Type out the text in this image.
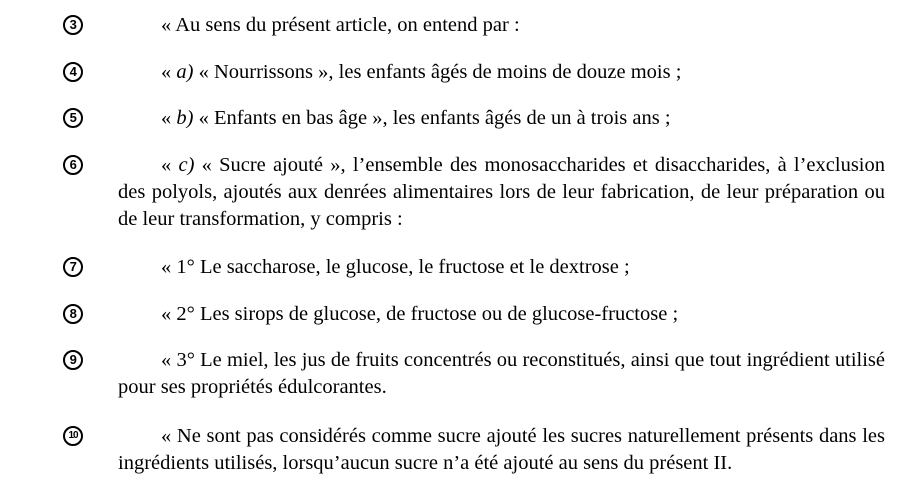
3	« Au sens du présent article, on entend par :
4	« a) « Nourrissons », les enfants âgés de moins de douze mois ;
5	« b) « Enfants en bas âge », les enfants âgés de un à trois ans ;
6	« c) « Sucre ajouté », l’ensemble des monosaccharides et disaccharides, à l’exclusion des polyols, ajoutés aux denrées alimentaires lors de leur fabrication, de leur préparation ou de leur transformation, y compris :
7	« 1° Le saccharose, le glucose, le fructose et le dextrose ;
8	« 2° Les sirops de glucose, de fructose ou de glucose-fructose ;
9	« 3° Le miel, les jus de fruits concentrés ou reconstitués, ainsi que tout ingrédient utilisé pour ses propriétés édulcorantes.
10	« Ne sont pas considérés comme sucre ajouté les sucres naturellement présents dans les ingrédients utilisés, lorsqu’aucun sucre n’a été ajouté au sens du présent II.
